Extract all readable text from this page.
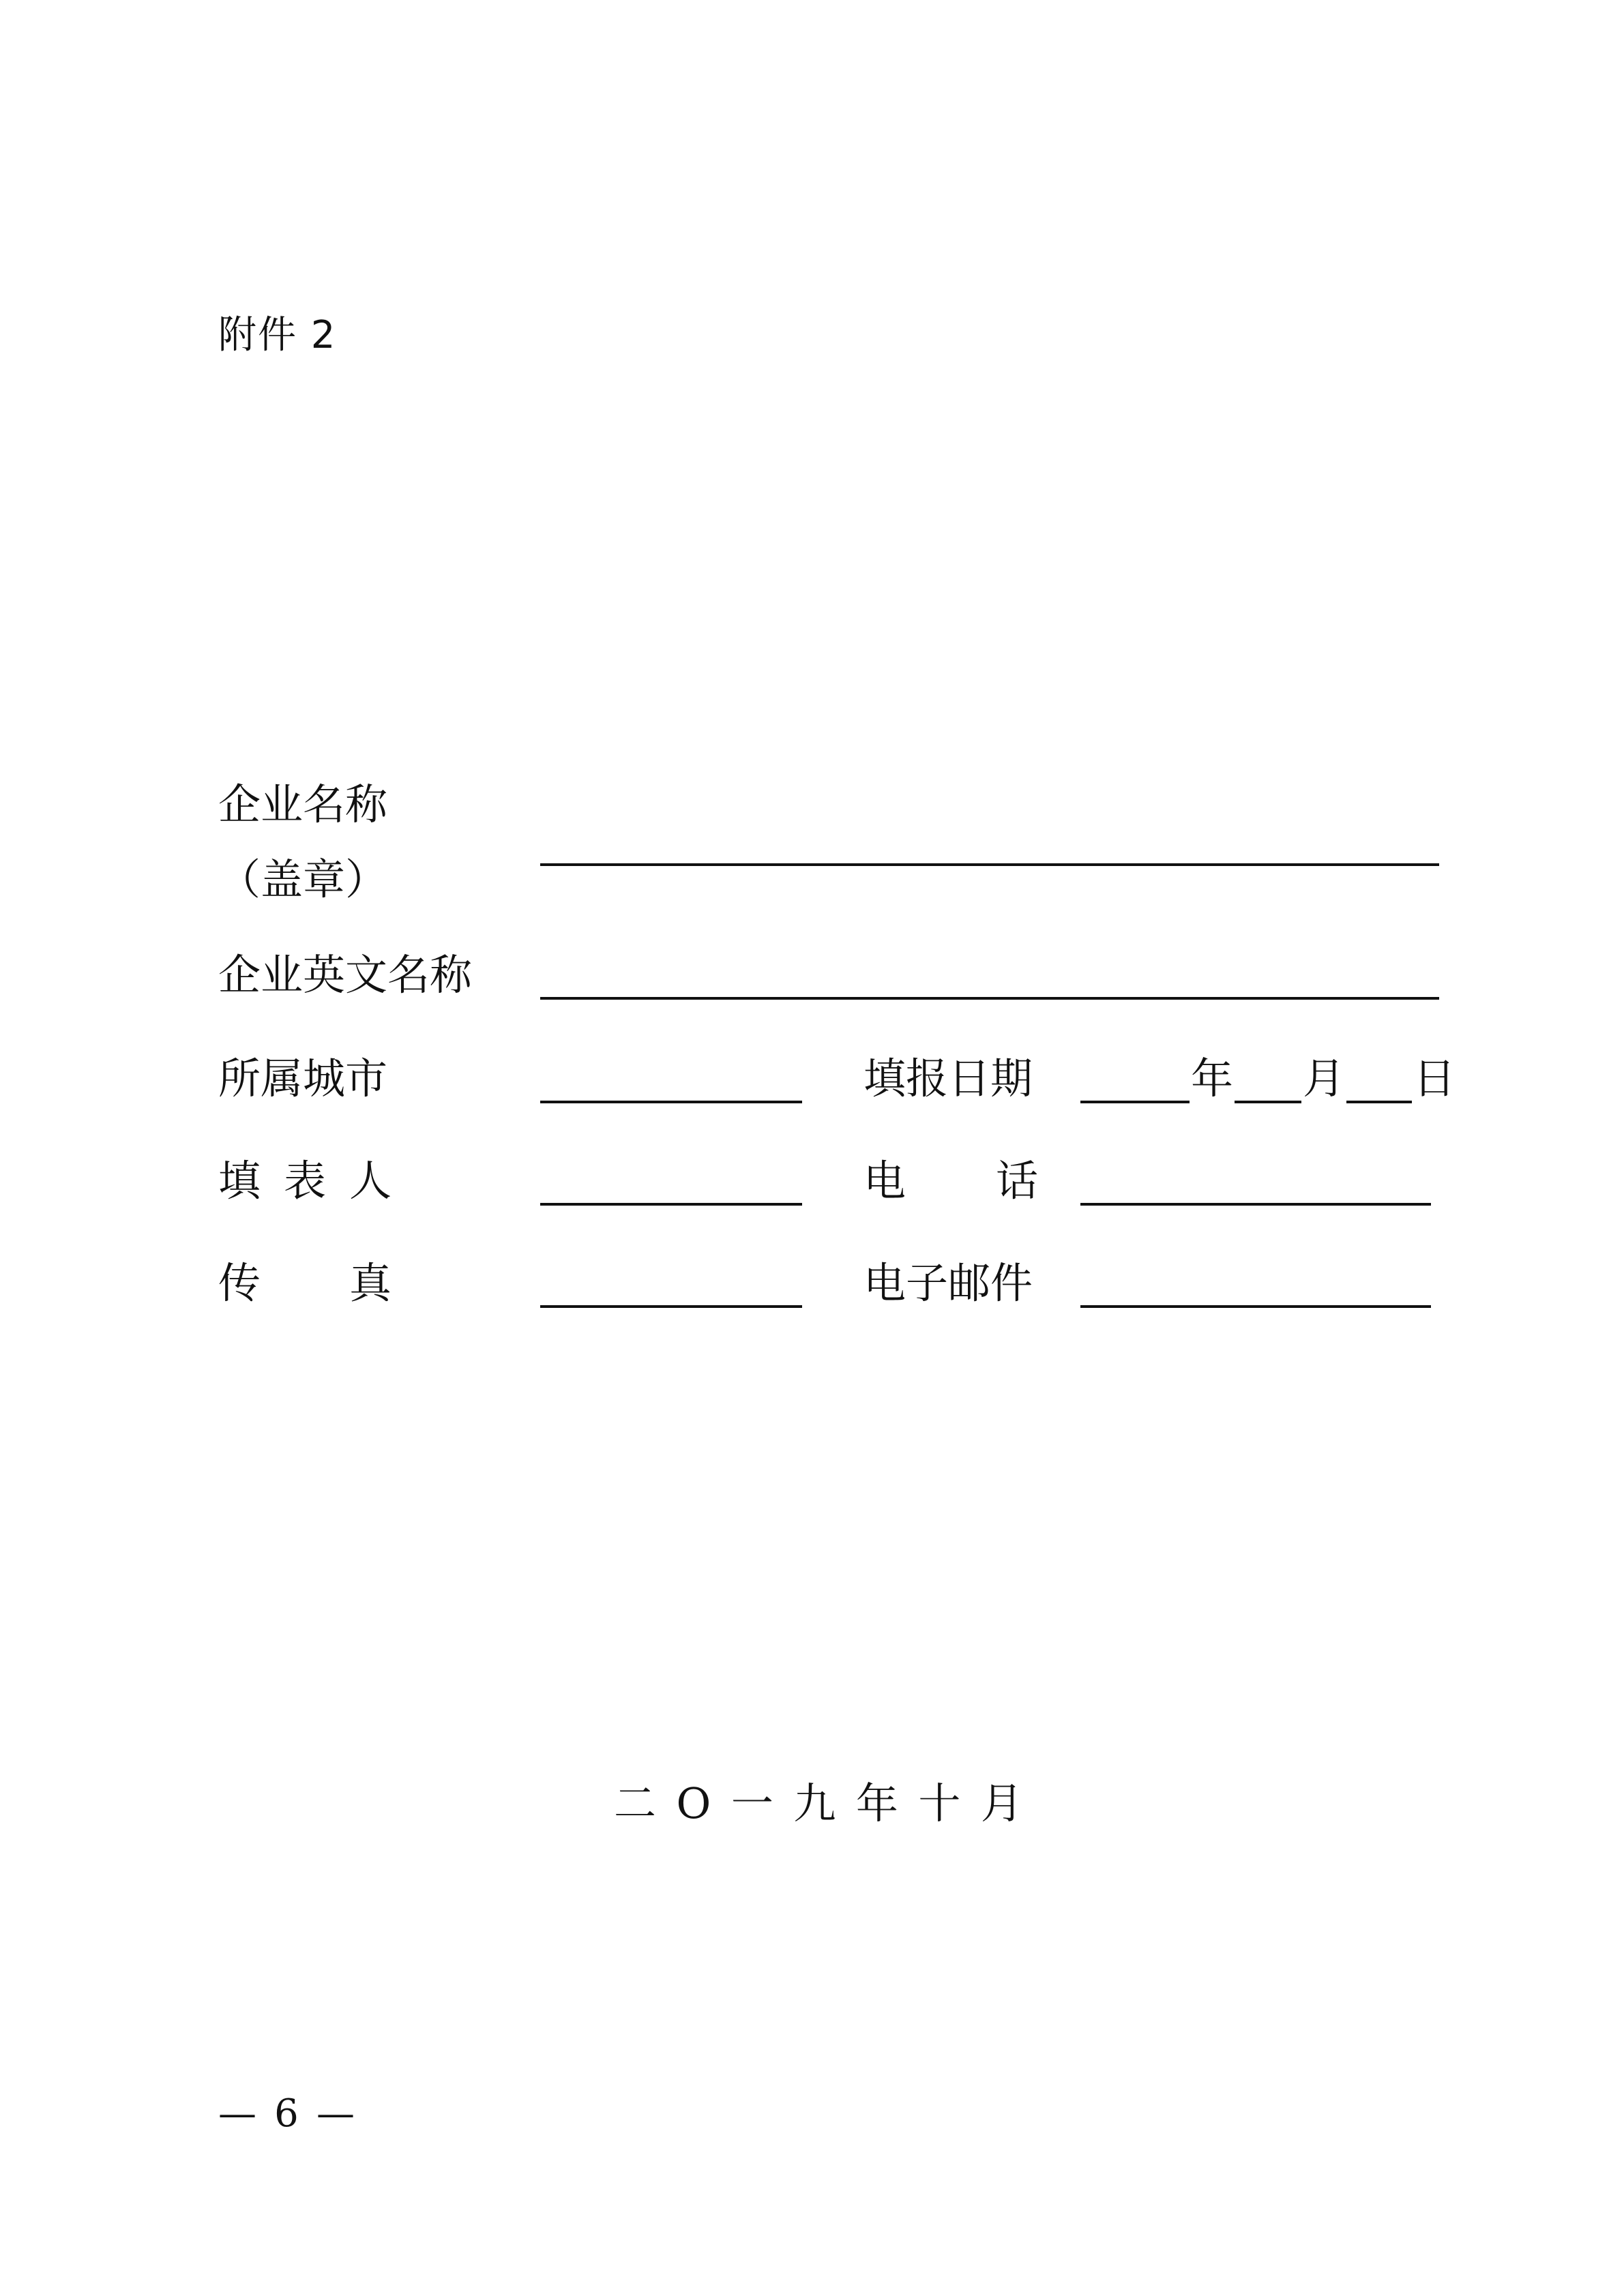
附件 2
企业名称
（盖章）
企业英文名称
所属城市	填报日期	年 月 日
填 表 人	电 话
传 真	电子邮件
二 O 一 九 年 十 月
— 6 —
